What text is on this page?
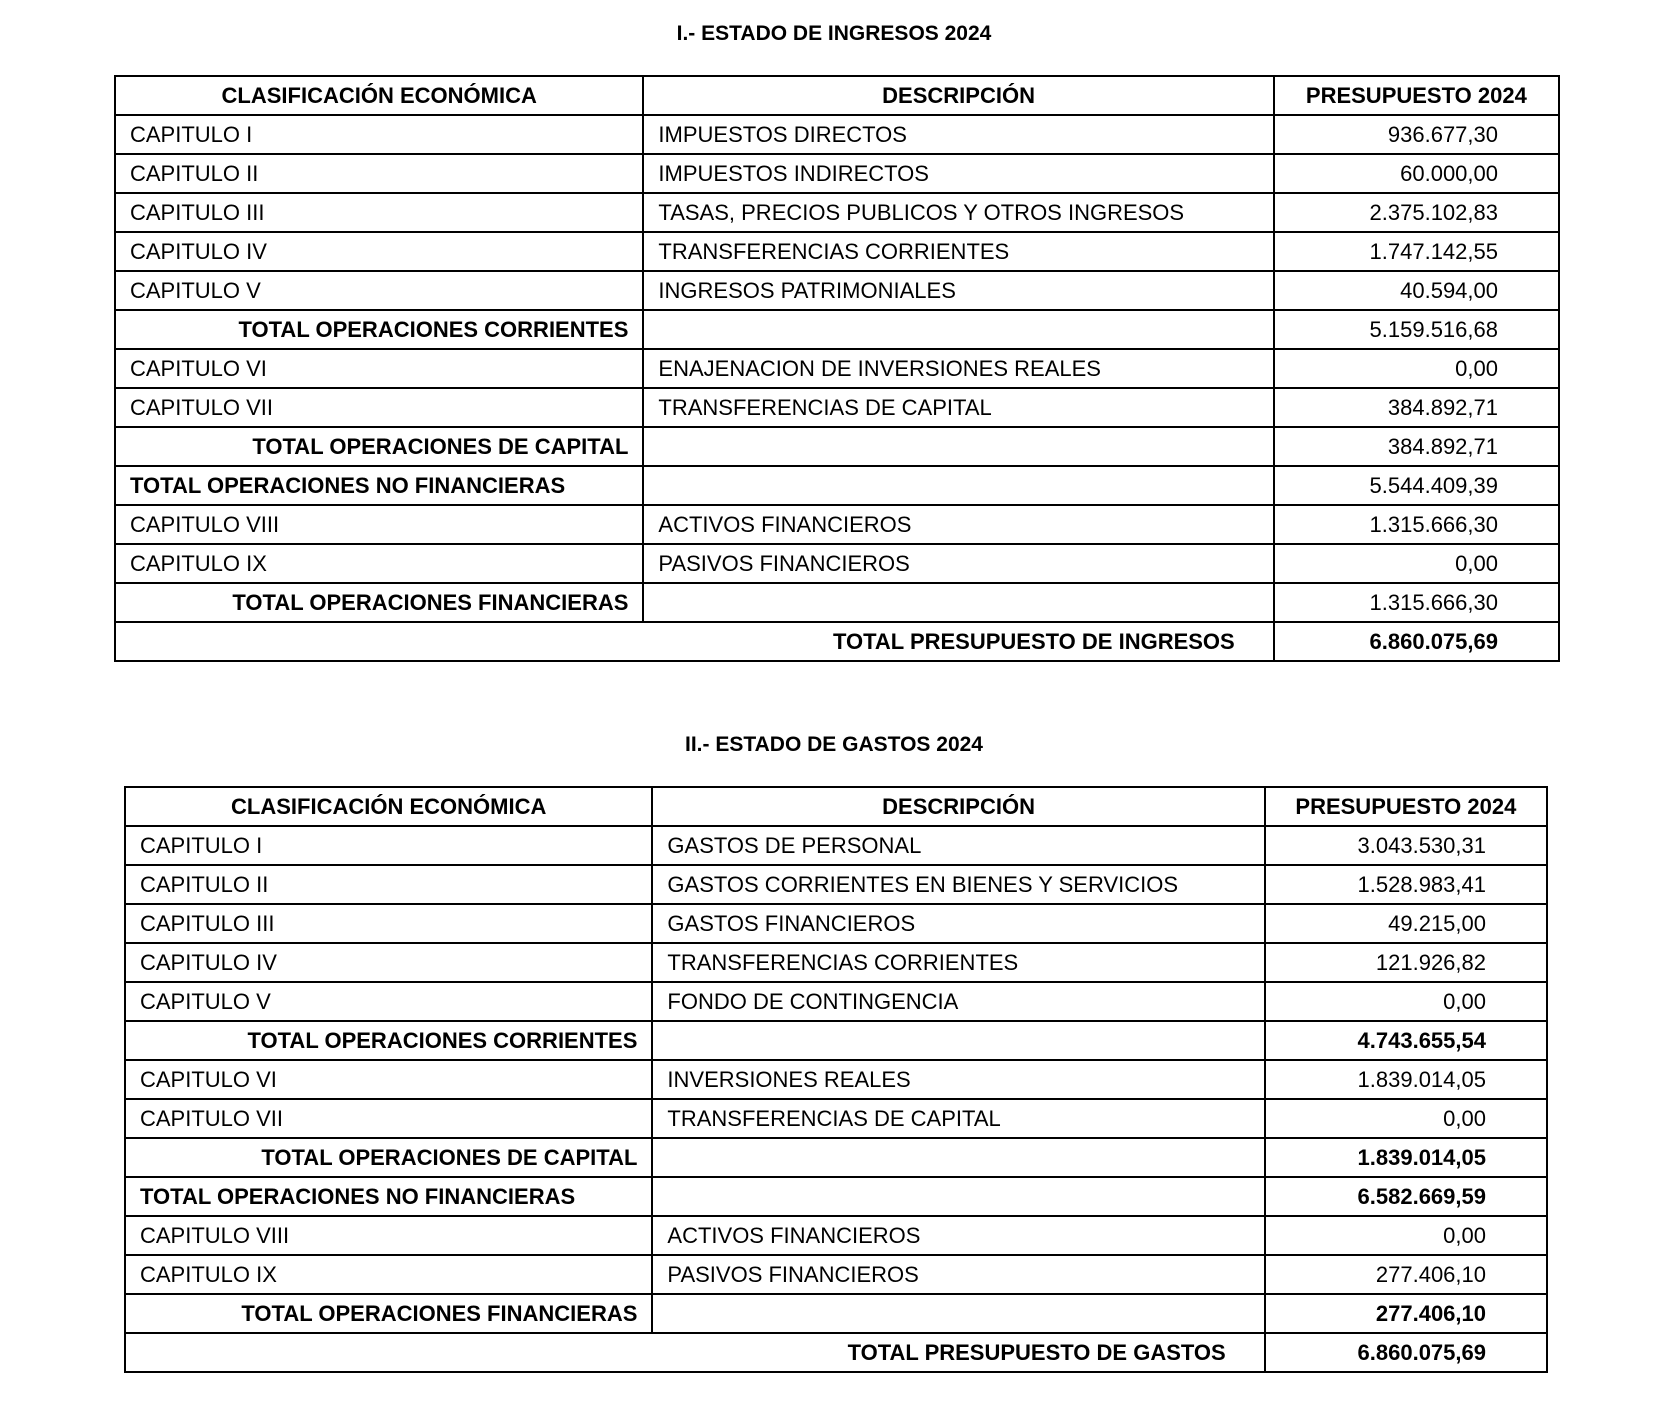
I.- ESTADO DE INGRESOS 2024
CLASIFICACIÓN ECONÓMICA	DESCRIPCIÓN	PRESUPUESTO 2024
CAPITULO I	IMPUESTOS DIRECTOS	936.677,30
CAPITULO II	IMPUESTOS INDIRECTOS	60.000,00
CAPITULO III	TASAS, PRECIOS PUBLICOS Y OTROS INGRESOS	2.375.102,83
CAPITULO IV	TRANSFERENCIAS CORRIENTES	1.747.142,55
CAPITULO V	INGRESOS PATRIMONIALES	40.594,00
TOTAL OPERACIONES CORRIENTES		5.159.516,68
CAPITULO VI	ENAJENACION DE INVERSIONES REALES	0,00
CAPITULO VII	TRANSFERENCIAS DE CAPITAL	384.892,71
TOTAL OPERACIONES DE CAPITAL		384.892,71
TOTAL OPERACIONES NO FINANCIERAS		5.544.409,39
CAPITULO VIII	ACTIVOS FINANCIEROS	1.315.666,30
CAPITULO IX	PASIVOS FINANCIEROS	0,00
TOTAL OPERACIONES FINANCIERAS		1.315.666,30
TOTAL PRESUPUESTO DE INGRESOS		6.860.075,69
II.- ESTADO DE GASTOS 2024
CLASIFICACIÓN ECONÓMICA	DESCRIPCIÓN	PRESUPUESTO 2024
CAPITULO I	GASTOS DE PERSONAL	3.043.530,31
CAPITULO II	GASTOS CORRIENTES EN BIENES Y SERVICIOS	1.528.983,41
CAPITULO III	GASTOS FINANCIEROS	49.215,00
CAPITULO IV	TRANSFERENCIAS CORRIENTES	121.926,82
CAPITULO V	FONDO DE CONTINGENCIA	0,00
TOTAL OPERACIONES CORRIENTES		4.743.655,54
CAPITULO VI	INVERSIONES REALES	1.839.014,05
CAPITULO VII	TRANSFERENCIAS DE CAPITAL	0,00
TOTAL OPERACIONES DE CAPITAL		1.839.014,05
TOTAL OPERACIONES NO FINANCIERAS		6.582.669,59
CAPITULO VIII	ACTIVOS FINANCIEROS	0,00
CAPITULO IX	PASIVOS FINANCIEROS	277.406,10
TOTAL OPERACIONES FINANCIERAS		277.406,10
TOTAL PRESUPUESTO DE GASTOS		6.860.075,69
